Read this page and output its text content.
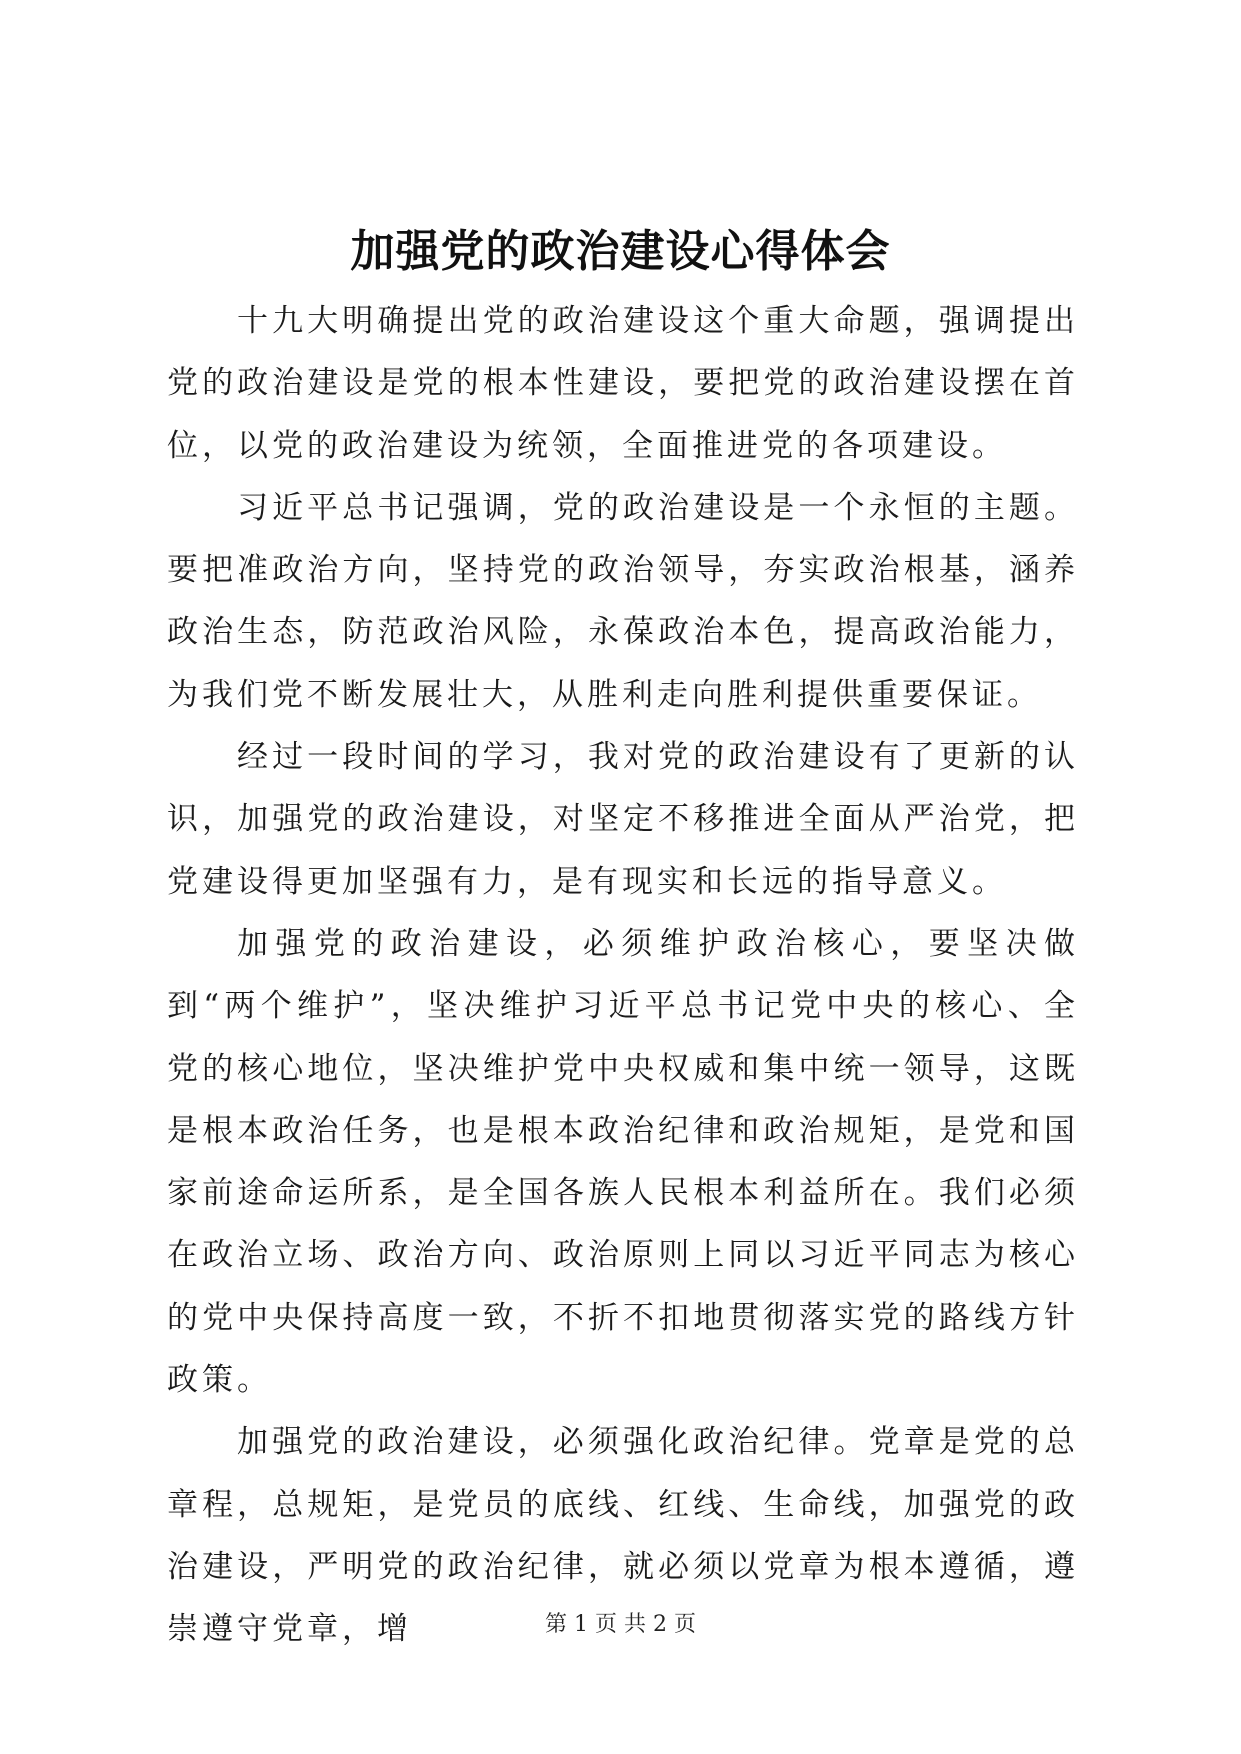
加强党的政治建设心得体会

十九大明确提出党的政治建设这个重大命题，强调提出党的政治建设是党的根本性建设，要把党的政治建设摆在首位，以党的政治建设为统领，全面推进党的各项建设。

习近平总书记强调，党的政治建设是一个永恒的主题。要把准政治方向，坚持党的政治领导，夯实政治根基，涵养政治生态，防范政治风险，永葆政治本色，提高政治能力，为我们党不断发展壮大，从胜利走向胜利提供重要保证。

经过一段时间的学习，我对党的政治建设有了更新的认识，加强党的政治建设，对坚定不移推进全面从严治党，把党建设得更加坚强有力，是有现实和长远的指导意义。

加强党的政治建设，必须维护政治核心，要坚决做到“两个维护”，坚决维护习近平总书记党中央的核心、全党的核心地位，坚决维护党中央权威和集中统一领导，这既是根本政治任务，也是根本政治纪律和政治规矩，是党和国家前途命运所系，是全国各族人民根本利益所在。我们必须在政治立场、政治方向、政治原则上同以习近平同志为核心的党中央保持高度一致，不折不扣地贯彻落实党的路线方针政策。

加强党的政治建设，必须强化政治纪律。党章是党的总章程，总规矩，是党员的底线、红线、生命线，加强党的政治建设，严明党的政治纪律，就必须以党章为根本遵循，遵崇遵守党章，增	第 1 页 共 2 页
